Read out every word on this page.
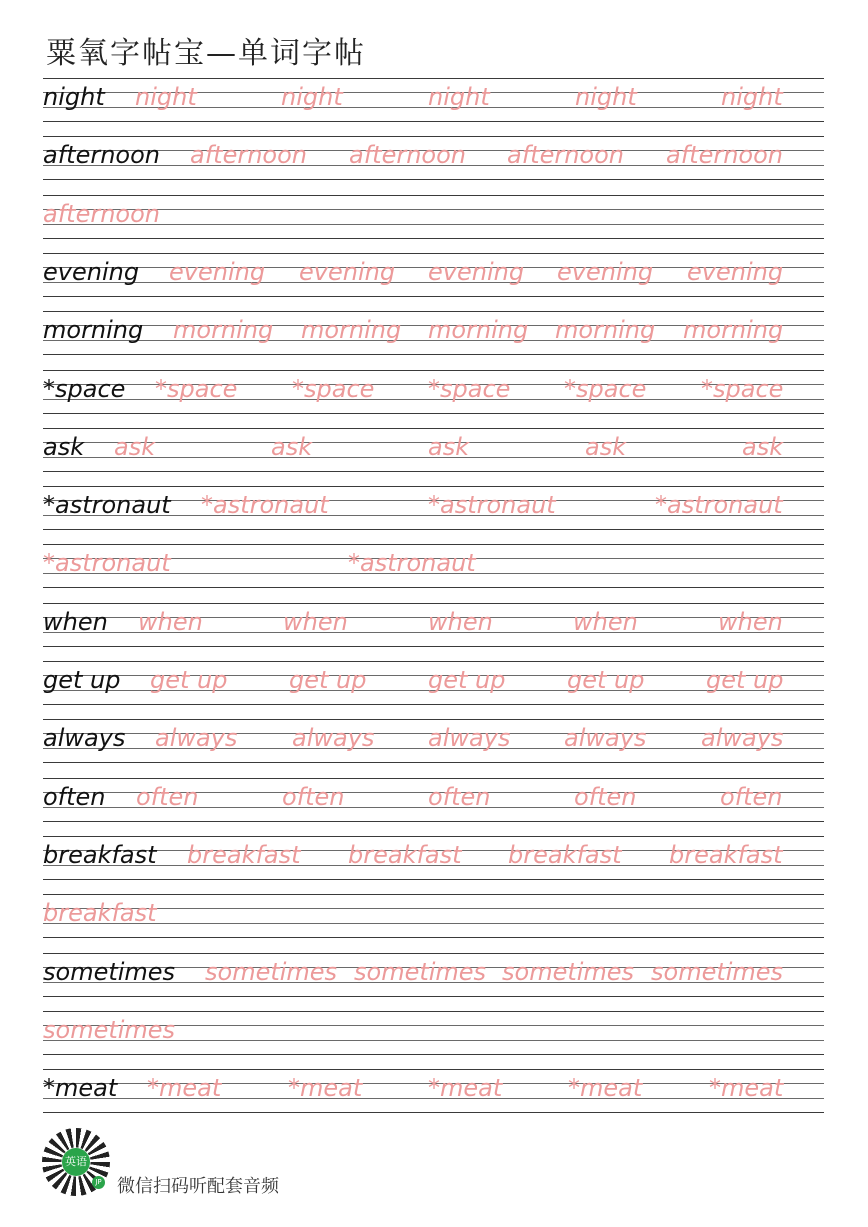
粟氧字帖宝—单词字帖
night night	night	night	night	night
afternoon afternoon afternoon afternoon afternoon
afternoon
evening evening evening evening evening evening
morning morning morning morning morning morning
*space *space *space *space *space *space
ask ask	ask	ask	ask	ask
*astronaut *astronaut	*astronaut	*astronaut
*astronaut	*astronaut
when when	when	when	when	when
get up get up	get up	get up	get up	get up
always always always always always always
often often	often	often	often	often
breakfast breakfast breakfast breakfast breakfast
breakfast
sometimes sometimes sometimes sometimes sometimes
sometimes
*meat *meat	*meat	*meat	*meat	*meat
英语
JP 微信扫码听配套音频
